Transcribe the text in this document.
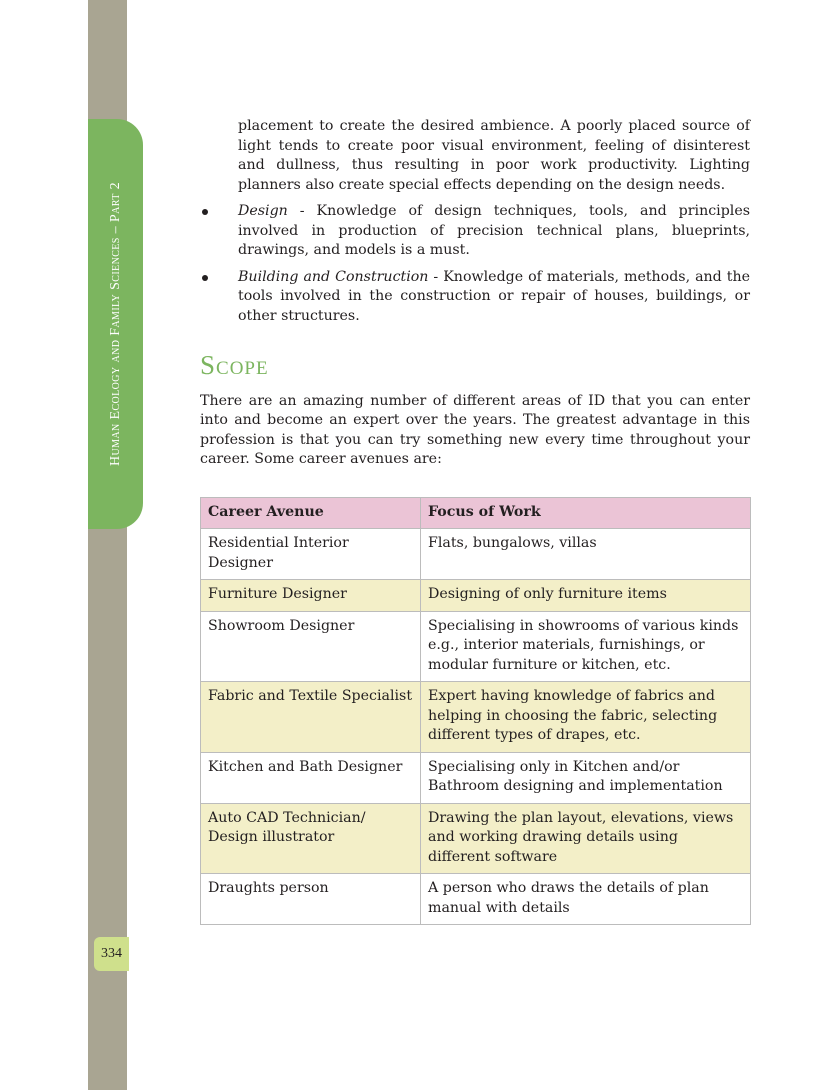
Human Ecology and Family Sciences – Part 2
334

placement to create the desired ambience. A poorly placed source of light tends to create poor visual environment, feeling of disinterest and dullness, thus resulting in poor work productivity. Lighting planners also create special effects depending on the design needs.

Design - Knowledge of design techniques, tools, and principles involved in production of precision technical plans, blueprints, drawings, and models is a must.
Building and Construction - Knowledge of materials, methods, and the tools involved in the construction or repair of houses, buildings, or other structures.
Scope

There are an amazing number of different areas of ID that you can enter into and become an expert over the years. The greatest advantage in this profession is that you can try something new every time throughout your career. Some career avenues are:

Career Avenue	Focus of Work
Residential Interior Designer	Flats, bungalows, villas
Furniture Designer	Designing of only furniture items
Showroom Designer	Specialising in showrooms of various kinds e.g., interior materials, furnishings, or modular furniture or kitchen, etc.
Fabric and Textile Specialist	Expert having knowledge of fabrics and helping in choosing the fabric, selecting different types of drapes, etc.
Kitchen and Bath Designer	Specialising only in Kitchen and/or Bathroom designing and implementation
Auto CAD Technician/ Design illustrator	Drawing the plan layout, elevations, views and working drawing details using different software
Draughts person	A person who draws the details of plan manual with details
